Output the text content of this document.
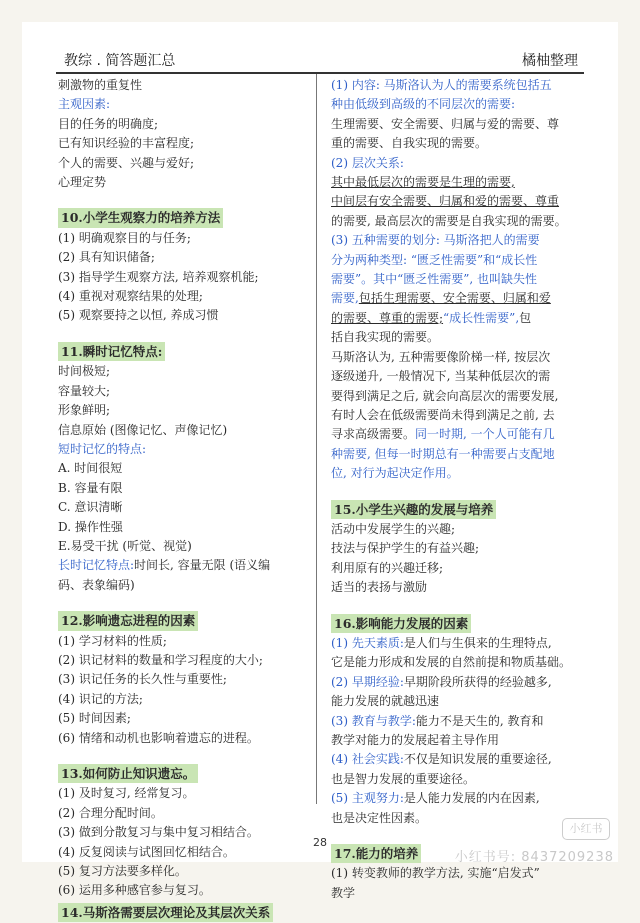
教综 . 简答题汇总	橘柚整理
刺激物的重复性
主观因素:
目的任务的明确度;
已有知识经验的丰富程度;
个人的需要、兴趣与爱好;
心理定势
10.小学生观察力的培养方法
(1) 明确观察目的与任务;
(2) 具有知识储备;
(3) 指导学生观察方法, 培养观察机能;
(4) 重视对观察结果的处理;
(5) 观察要持之以恒, 养成习惯
11.瞬时记忆特点:
时间极短;
容量较大;
形象鲜明;
信息原始 (图像记忆、声像记忆)
短时记忆的特点:
A. 时间很短
B. 容量有限
C. 意识清晰
D. 操作性强
E.易受干扰 (听觉、视觉)
长时记忆特点:时间长, 容量无限 (语义编
码、表象编码)
12.影响遗忘进程的因素
(1) 学习材料的性质;
(2) 识记材料的数量和学习程度的大小;
(3) 识记任务的长久性与重要性;
(4) 识记的方法;
(5) 时间因素;
(6) 情绪和动机也影响着遗忘的进程。
13.如何防止知识遗忘。
(1) 及时复习, 经常复习。
(2) 合理分配时间。
(3) 做到分散复习与集中复习相结合。
(4) 反复阅读与试图回忆相结合。
(5) 复习方法要多样化。
(6) 运用多种感官参与复习。
14.马斯洛需要层次理论及其层次关系
(1) 内容: 马斯洛认为人的需要系统包括五
种由低级到高级的不同层次的需要:
生理需要、安全需要、归属与爱的需要、尊
重的需要、自我实现的需要。
(2) 层次关系:
其中最低层次的需要是生理的需要,
中间层有安全需要、归属和爱的需要、尊重
的需要, 最高层次的需要是自我实现的需要。
(3) 五种需要的划分: 马斯洛把人的需要
分为两种类型: “匮乏性需要”和“成长性
需要”。其中“匮乏性需要”, 也叫缺失性
需要,包括生理需要、安全需要、归属和爱
的需要、尊重的需要;“成长性需要”,包
括自我实现的需要。
马斯洛认为, 五种需要像阶梯一样, 按层次
逐级递升, 一般情况下, 当某种低层次的需
要得到满足之后, 就会向高层次的需要发展,
有时人会在低级需要尚未得到满足之前, 去
寻求高级需要。同一时期, 一个人可能有几
种需要, 但每一时期总有一种需要占支配地
位, 对行为起决定作用。
15.小学生兴趣的发展与培养
活动中发展学生的兴趣;
技法与保护学生的有益兴趣;
利用原有的兴趣迁移;
适当的表扬与激励
16.影响能力发展的因素
(1) 先天素质:是人们与生俱来的生理特点,
它是能力形成和发展的自然前提和物质基础。
(2) 早期经验:早期阶段所获得的经验越多,
能力发展的就越迅速
(3) 教育与教学:能力不是天生的, 教育和
教学对能力的发展起着主导作用
(4) 社会实践:不仅是知识发展的重要途径,
也是智力发展的重要途径。
(5) 主观努力:是人能力发展的内在因素,
也是决定性因素。
17.能力的培养
(1) 转变教师的教学方法, 实施“启发式”
教学
28
小红书
小红书号: 8437209238
